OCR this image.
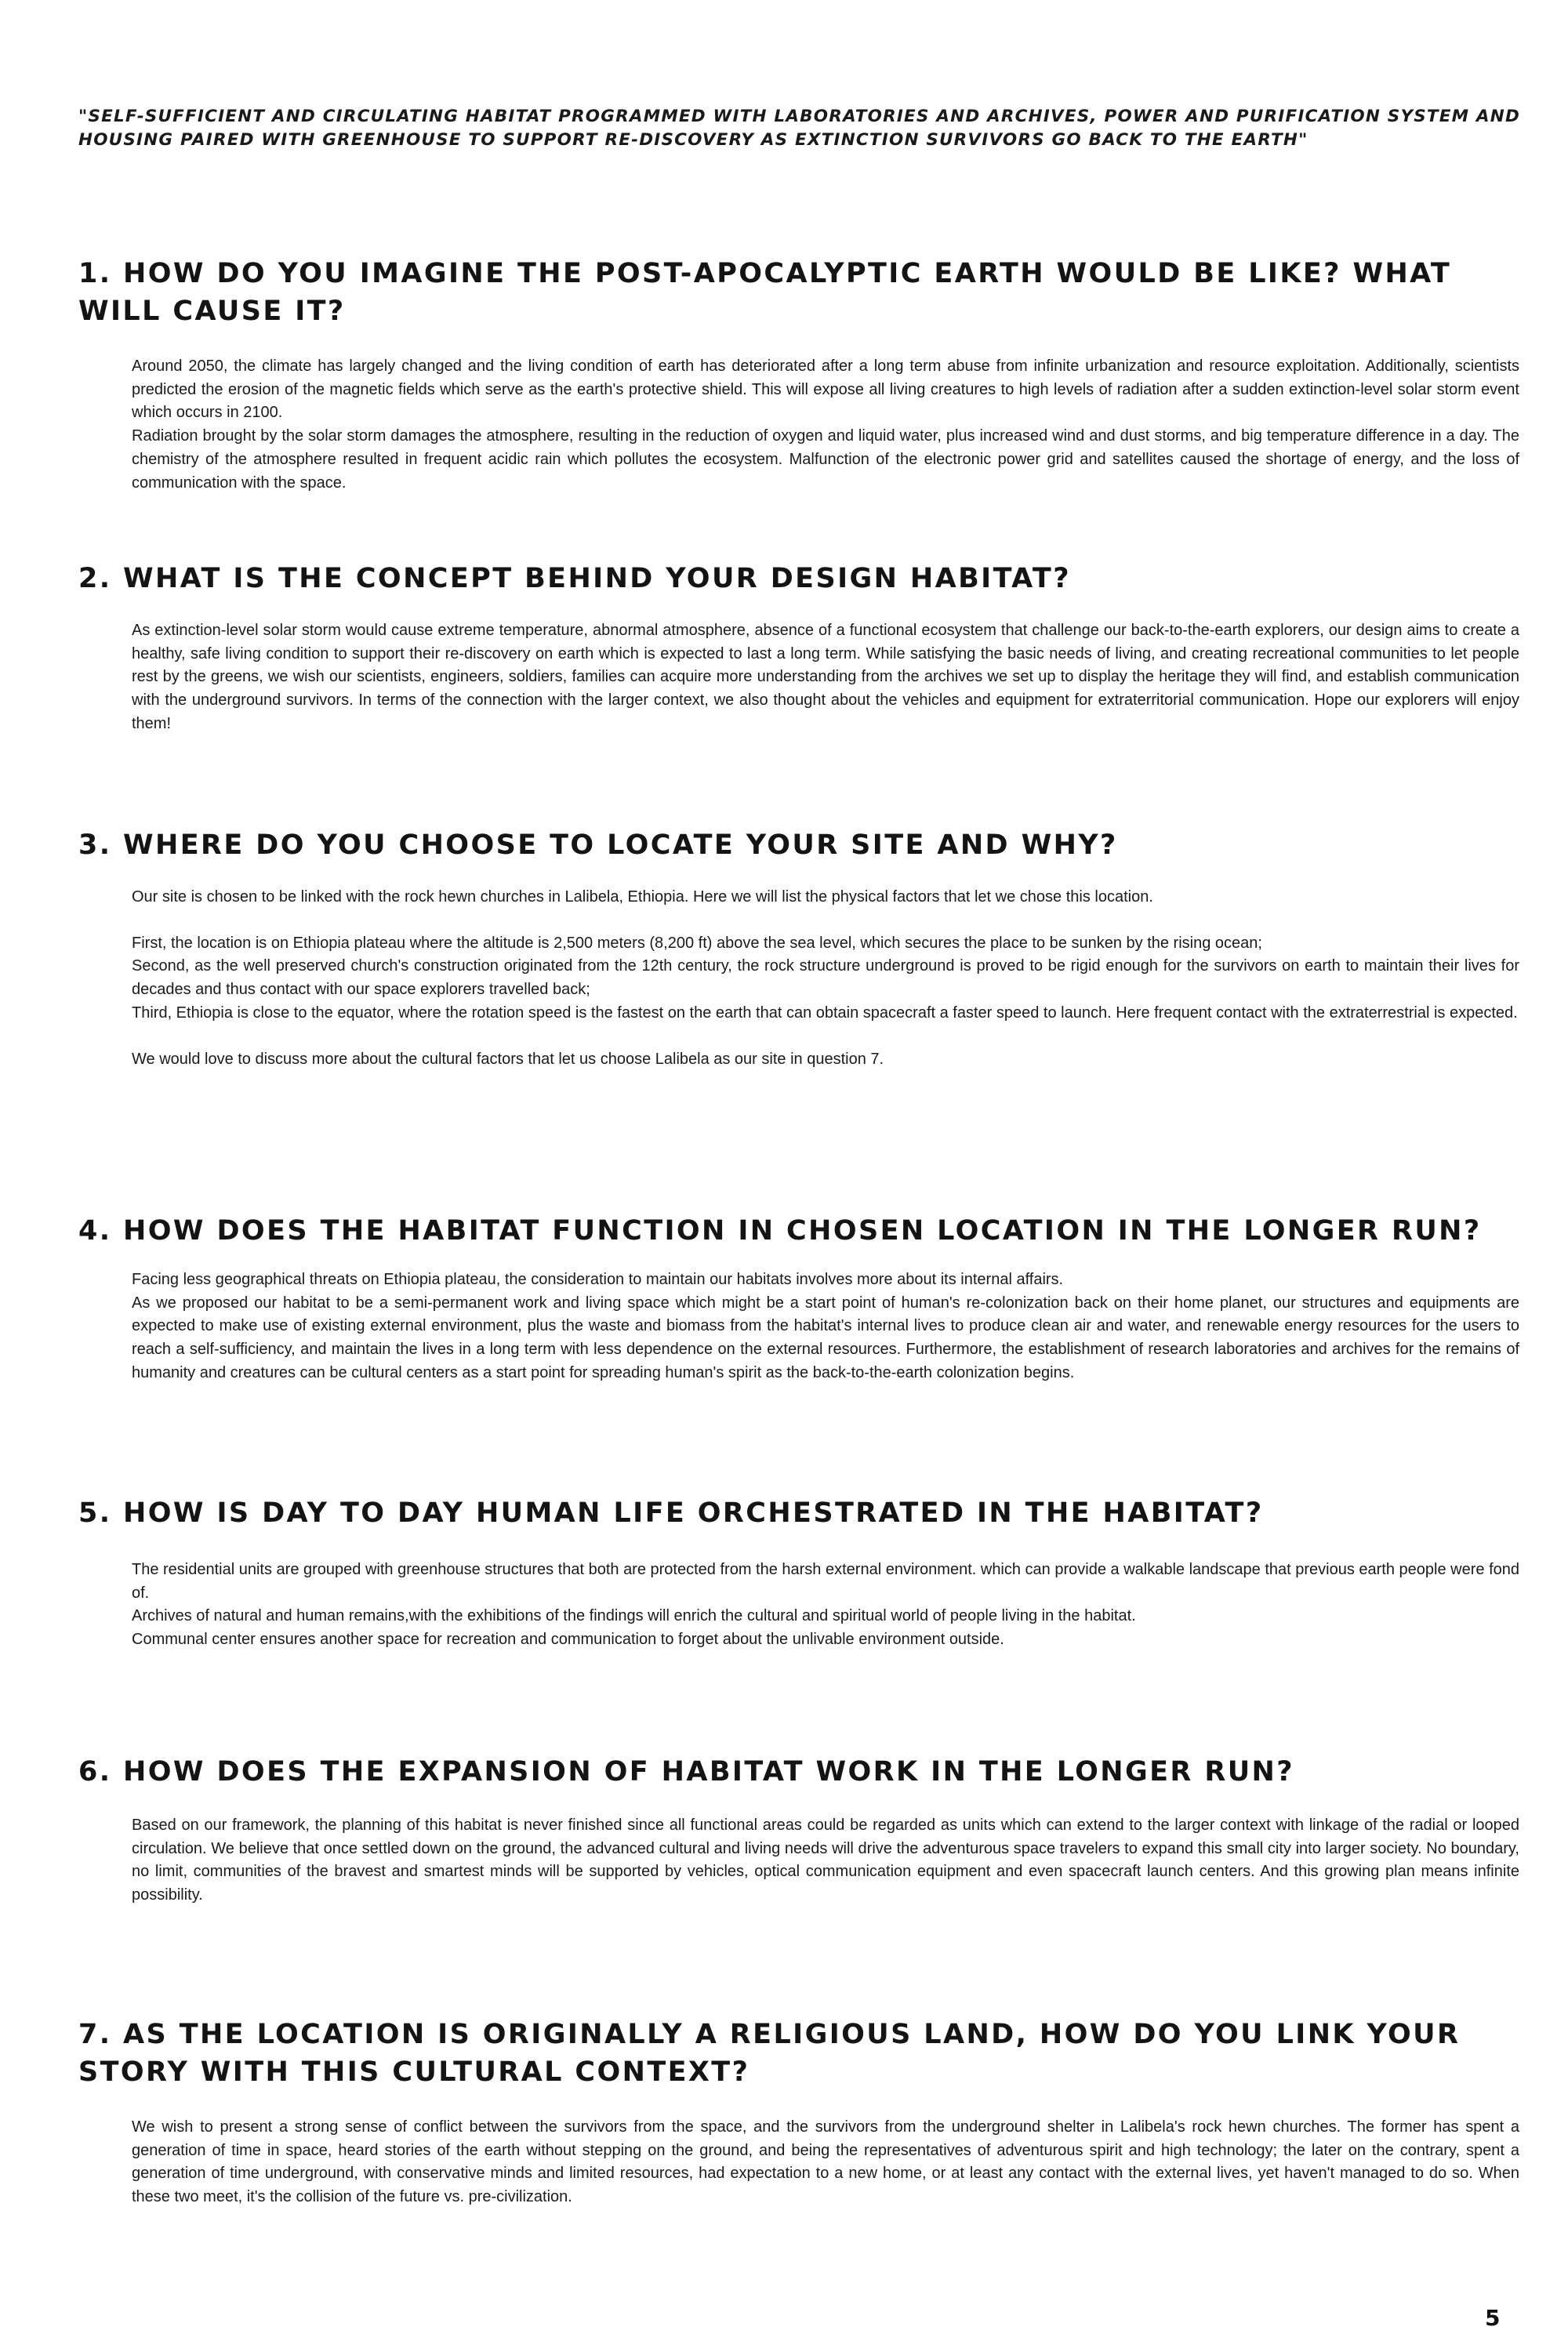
"SELF-SUFFICIENT AND CIRCULATING HABITAT PROGRAMMED WITH LABORATORIES AND ARCHIVES, POWER AND PURIFICATION SYSTEM AND HOUSING PAIRED WITH GREENHOUSE TO SUPPORT RE-DISCOVERY AS EXTINCTION SURVIVORS GO BACK TO THE EARTH"
1. HOW DO YOU IMAGINE THE POST-APOCALYPTIC EARTH WOULD BE LIKE? WHAT WILL CAUSE IT?

Around 2050, the climate has largely changed and the living condition of earth has deteriorated after a long term abuse from infinite urbanization and resource exploitation. Additionally, scientists predicted the erosion of the magnetic fields which serve as the earth's protective shield. This will expose all living creatures to high levels of radiation after a sudden extinction-level solar storm event which occurs in 2100.

Radiation brought by the solar storm damages the atmosphere, resulting in the reduction of oxygen and liquid water, plus increased wind and dust storms, and big temperature difference in a day. The chemistry of the atmosphere resulted in frequent acidic rain which pollutes the ecosystem. Malfunction of the electronic power grid and satellites caused the shortage of energy, and the loss of communication with the space.

2. WHAT IS THE CONCEPT BEHIND YOUR DESIGN HABITAT?

As extinction-level solar storm would cause extreme temperature, abnormal atmosphere, absence of a functional ecosystem that challenge our back-to-the-earth explorers, our design aims to create a healthy, safe living condition to support their re-discovery on earth which is expected to last a long term. While satisfying the basic needs of living, and creating recreational communities to let people rest by the greens, we wish our scientists, engineers, soldiers, families can acquire more understanding from the archives we set up to display the heritage they will find, and establish communication with the underground survivors. In terms of the connection with the larger context, we also thought about the vehicles and equipment for extraterritorial communication. Hope our explorers will enjoy them!

3. WHERE DO YOU CHOOSE TO LOCATE YOUR SITE AND WHY?

Our site is chosen to be linked with the rock hewn churches in Lalibela, Ethiopia. Here we will list the physical factors that let we chose this location.

First, the location is on Ethiopia plateau where the altitude is 2,500 meters (8,200 ft) above the sea level, which secures the place to be sunken by the rising ocean;

Second, as the well preserved church's construction originated from the 12th century, the rock structure underground is proved to be rigid enough for the survivors on earth to maintain their lives for decades and thus contact with our space explorers travelled back;

Third, Ethiopia is close to the equator, where the rotation speed is the fastest on the earth that can obtain spacecraft a faster speed to launch. Here frequent contact with the extraterrestrial is expected.

We would love to discuss more about the cultural factors that let us choose Lalibela as our site in question 7.

4. HOW DOES THE HABITAT FUNCTION IN CHOSEN LOCATION IN THE LONGER RUN?

Facing less geographical threats on Ethiopia plateau, the consideration to maintain our habitats involves more about its internal affairs.

As we proposed our habitat to be a semi-permanent work and living space which might be a start point of human's re-colonization back on their home planet, our structures and equipments are expected to make use of existing external environment, plus the waste and biomass from the habitat's internal lives to produce clean air and water, and renewable energy resources for the users to reach a self-sufficiency, and maintain the lives in a long term with less dependence on the external resources. Furthermore, the establishment of research laboratories and archives for the remains of humanity and creatures can be cultural centers as a start point for spreading human's spirit as the back-to-the-earth colonization begins.

5. HOW IS DAY TO DAY HUMAN LIFE ORCHESTRATED IN THE HABITAT?

The residential units are grouped with greenhouse structures that both are protected from the harsh external environment. which can provide a walkable landscape that previous earth people were fond of.

Archives of natural and human remains,with the exhibitions of the findings will enrich the cultural and spiritual world of people living in the habitat.

Communal center ensures another space for recreation and communication to forget about the unlivable environment outside.

6. HOW DOES THE EXPANSION OF HABITAT WORK IN THE LONGER RUN?

Based on our framework, the planning of this habitat is never finished since all functional areas could be regarded as units which can extend to the larger context with linkage of the radial or looped circulation. We believe that once settled down on the ground, the advanced cultural and living needs will drive the adventurous space travelers to expand this small city into larger society. No boundary, no limit, communities of the bravest and smartest minds will be supported by vehicles, optical communication equipment and even spacecraft launch centers. And this growing plan means infinite possibility.

7. AS THE LOCATION IS ORIGINALLY A RELIGIOUS LAND, HOW DO YOU LINK YOUR STORY WITH THIS CULTURAL CONTEXT?

We wish to present a strong sense of conflict between the survivors from the space, and the survivors from the underground shelter in Lalibela's rock hewn churches. The former has spent a generation of time in space, heard stories of the earth without stepping on the ground, and being the representatives of adventurous spirit and high technology; the later on the contrary, spent a generation of time underground, with conservative minds and limited resources, had expectation to a new home, or at least any contact with the external lives, yet haven't managed to do so. When these two meet, it's the collision of the future vs. pre-civilization.

5
